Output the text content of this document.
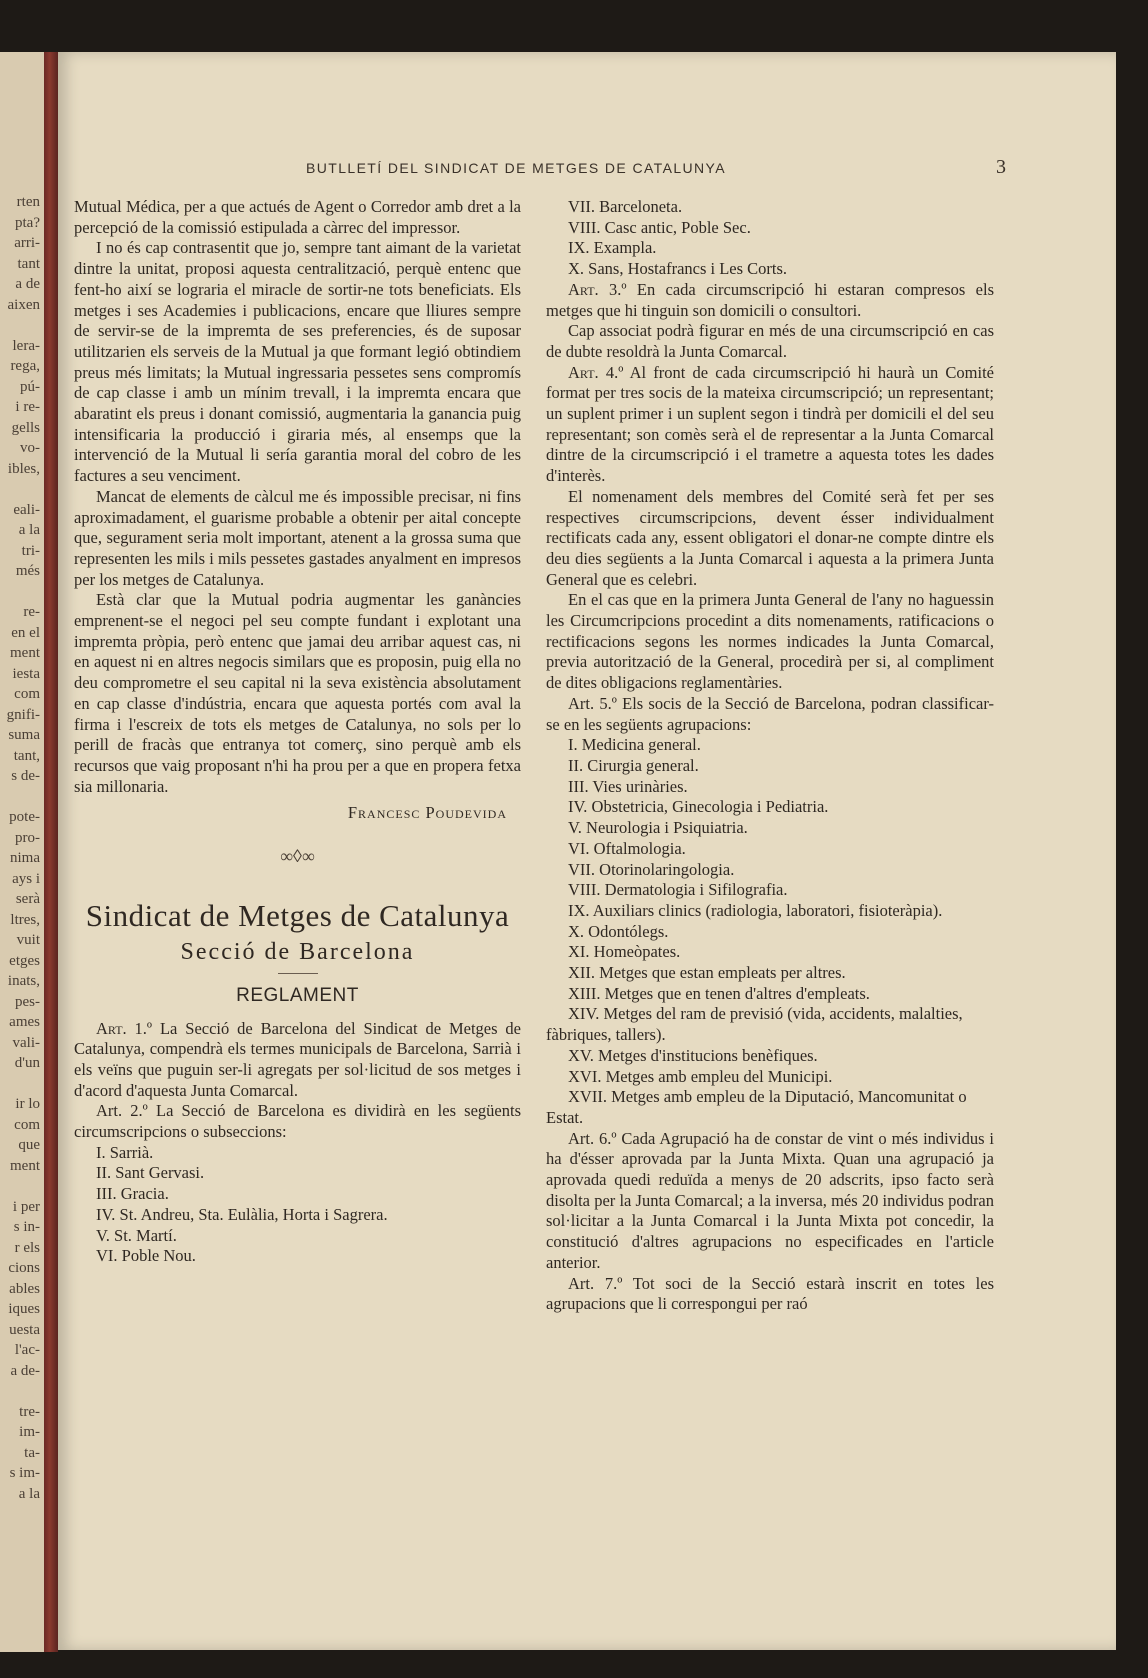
rten
pta?
arri-
tant
a de
aixen
lera-
rega,
pú-
i re-
gells
vo-
ibles,
eali-
a la
tri-
més
re-
en el
ment
iesta
com
gnifi-
suma
tant,
s de-
pote-
pro-
nima
ays i
serà
ltres,
vuit
etges
inats,
pes-
ames
vali-
d'un
ir lo
com
que
ment
i per
s in-
r els
cions
ables
iques
uesta
l'ac-
a de-
tre-
im-
ta-
s im-
a la
BUTLLETÍ DEL SINDICAT DE METGES DE CATALUNYA	3

Mutual Médica, per a que actués de Agent o Corredor amb dret a la percepció de la comissió estipulada a càrrec del impressor.

I no és cap contrasentit que jo, sempre tant aimant de la varietat dintre la unitat, proposi aquesta centralització, perquè entenc que fent-ho així se lograria el miracle de sortir-ne tots beneficiats. Els metges i ses Academies i publicacions, encare que lliures sempre de servir-se de la impremta de ses preferencies, és de suposar utilitzarien els serveis de la Mutual ja que formant legió obtindiem preus més limitats; la Mutual ingressaria pessetes sens compromís de cap classe i amb un mínim trevall, i la impremta encara que abaratint els preus i donant comissió, augmentaria la ganancia puig intensificaria la producció i giraria més, al ensemps que la intervenció de la Mutual li sería garantia moral del cobro de les factures a seu venciment.

Mancat de elements de càlcul me és impossible precisar, ni fins aproximadament, el guarisme probable a obtenir per aital concepte que, segurament seria molt important, atenent a la grossa suma que representen les mils i mils pessetes gastades anyalment en impresos per los metges de Catalunya.

Està clar que la Mutual podria augmentar les ganàncies emprenent-se el negoci pel seu compte fundant i explotant una impremta pròpia, però entenc que jamai deu arribar aquest cas, ni en aquest ni en altres negocis similars que es proposin, puig ella no deu comprometre el seu capital ni la seva existència absolutament en cap classe d'indústria, encara que aquesta portés com aval la firma i l'escreix de tots els metges de Catalunya, no sols per lo perill de fracàs que entranya tot comerç, sino perquè amb els recursos que vaig proposant n'hi ha prou per a que en propera fetxa sia millonaria.

Francesc Poudevida

∞◊∞

Sindicat de Metges de Catalunya

Secció de Barcelona

REGLAMENT

Art. 1.º La Secció de Barcelona del Sindicat de Metges de Catalunya, compendrà els termes municipals de Barcelona, Sarrià i els veïns que puguin ser-li agregats per sol·licitud de sos metges i d'acord d'aquesta Junta Comarcal.

Art. 2.º La Secció de Barcelona es dividirà en les següents circumscripcions o subseccions:

I. Sarrià.

II. Sant Gervasi.

III. Gracia.

IV. St. Andreu, Sta. Eulàlia, Horta i Sagrera.

V. St. Martí.

VI. Poble Nou.

VII. Barceloneta.

VIII. Casc antic, Poble Sec.

IX. Exampla.

X. Sans, Hostafrancs i Les Corts.

Art. 3.º En cada circumscripció hi estaran compresos els metges que hi tinguin son domicili o consultori.

Cap associat podrà figurar en més de una circumscripció en cas de dubte resoldrà la Junta Comarcal.

Art. 4.º Al front de cada circumscripció hi haurà un Comité format per tres socis de la mateixa circumscripció; un representant; un suplent primer i un suplent segon i tindrà per domicili el del seu representant; son comès serà el de representar a la Junta Comarcal dintre de la circumscripció i el trametre a aquesta totes les dades d'interès.

El nomenament dels membres del Comité serà fet per ses respectives circumscripcions, devent ésser individualment rectificats cada any, essent obligatori el donar-ne compte dintre els deu dies següents a la Junta Comarcal i aquesta a la primera Junta General que es celebri.

En el cas que en la primera Junta General de l'any no haguessin les Circumcripcions procedint a dits nomenaments, ratificacions o rectificacions segons les normes indicades la Junta Comarcal, previa autorització de la General, procedirà per si, al compliment de dites obligacions reglamentàries.

Art. 5.º Els socis de la Secció de Barcelona, podran classificar-se en les següents agrupacions:

I. Medicina general.

II. Cirurgia general.

III. Vies urinàries.

IV. Obstetricia, Ginecologia i Pediatria.

V. Neurologia i Psiquiatria.

VI. Oftalmologia.

VII. Otorinolaringologia.

VIII. Dermatologia i Sifilografia.

IX. Auxiliars clinics (radiologia, laboratori, fisioteràpia).

X. Odontólegs.

XI. Homeòpates.

XII. Metges que estan empleats per altres.

XIII. Metges que en tenen d'altres d'empleats.

XIV. Metges del ram de previsió (vida, accidents, malalties, fàbriques, tallers).

XV. Metges d'institucions benèfiques.

XVI. Metges amb empleu del Municipi.

XVII. Metges amb empleu de la Diputació, Mancomunitat o Estat.

Art. 6.º Cada Agrupació ha de constar de vint o més individus i ha d'ésser aprovada par la Junta Mixta. Quan una agrupació ja aprovada quedi reduïda a menys de 20 adscrits, ipso facto serà disolta per la Junta Comarcal; a la inversa, més 20 individus podran sol·licitar a la Junta Comarcal i la Junta Mixta pot concedir, la constitució d'altres agrupacions no especificades en l'article anterior.

Art. 7.º Tot soci de la Secció estarà inscrit en totes les agrupacions que li correspongui per raó
